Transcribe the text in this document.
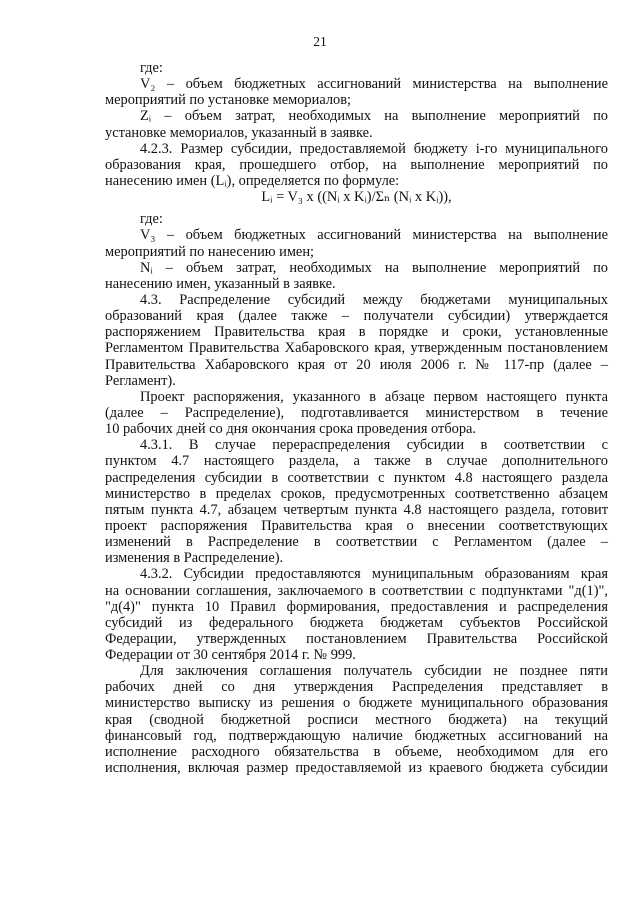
21
где:
V₂ – объем бюджетных ассигнований министерства на выполнение
мероприятий по установке мемориалов;
Zᵢ – объем затрат, необходимых на выполнение мероприятий по
установке мемориалов, указанный в заявке.
4.2.3. Размер субсидии, предоставляемой бюджету i-го муниципального
образования края, прошедшего отбор, на выполнение мероприятий по
нанесению имен (Lᵢ), определяется по формуле:
Lᵢ = V₃ x ((Nᵢ x Kᵢ)/Σₙ (Nᵢ x Kᵢ)),
где:
V₃ – объем бюджетных ассигнований министерства на выполнение
мероприятий по нанесению имен;
Nᵢ – объем затрат, необходимых на выполнение мероприятий по
нанесению имен, указанный в заявке.
4.3. Распределение субсидий между бюджетами муниципальных
образований края (далее также – получатели субсидии) утверждается
распоряжением Правительства края в порядке и сроки, установленные
Регламентом Правительства Хабаровского края, утвержденным постановлением
Правительства Хабаровского края от 20 июля 2006 г. № 117-пр (далее –
Регламент).
Проект распоряжения, указанного в абзаце первом настоящего пункта
(далее – Распределение), подготавливается министерством в течение
10 рабочих дней со дня окончания срока проведения отбора.
4.3.1. В случае перераспределения субсидии в соответствии с
пунктом 4.7 настоящего раздела, а также в случае дополнительного
распределения субсидии в соответствии с пунктом 4.8 настоящего раздела
министерство в пределах сроков, предусмотренных соответственно абзацем
пятым пункта 4.7, абзацем четвертым пункта 4.8 настоящего раздела, готовит
проект распоряжения Правительства края о внесении соответствующих
изменений в Распределение в соответствии с Регламентом (далее –
изменения в Распределение).
4.3.2. Субсидии предоставляются муниципальным образованиям края
на основании соглашения, заключаемого в соответствии с подпунктами "д(1)",
"д(4)" пункта 10 Правил формирования, предоставления и распределения
субсидий из федерального бюджета бюджетам субъектов Российской
Федерации, утвержденных постановлением Правительства Российской
Федерации от 30 сентября 2014 г. № 999.
Для заключения соглашения получатель субсидии не позднее пяти
рабочих дней со дня утверждения Распределения представляет в
министерство выписку из решения о бюджете муниципального образования
края (сводной бюджетной росписи местного бюджета) на текущий
финансовый год, подтверждающую наличие бюджетных ассигнований на
исполнение расходного обязательства в объеме, необходимом для его
исполнения, включая размер предоставляемой из краевого бюджета субсидии
